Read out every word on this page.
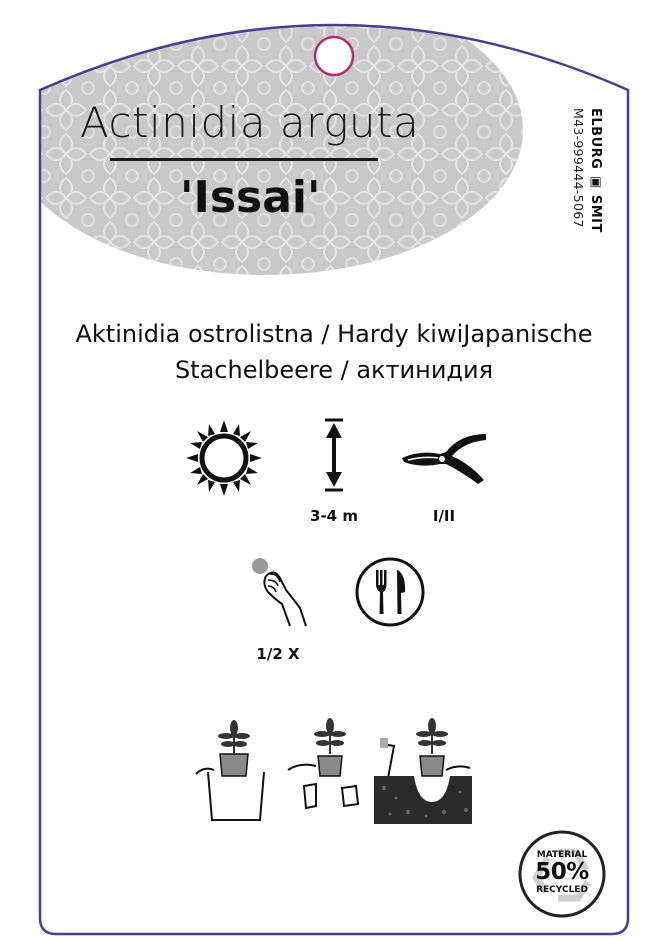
Actinidia arguta
'Issai'	ELBURG ▣ SMIT
M43-999444-5067
Aktinidia ostrolistna / Hardy kiwiJapanische
Stachelbeere / актинидия
3-4 m	I/II
1/2 X
MATERIAL
50%
RECYCLED
